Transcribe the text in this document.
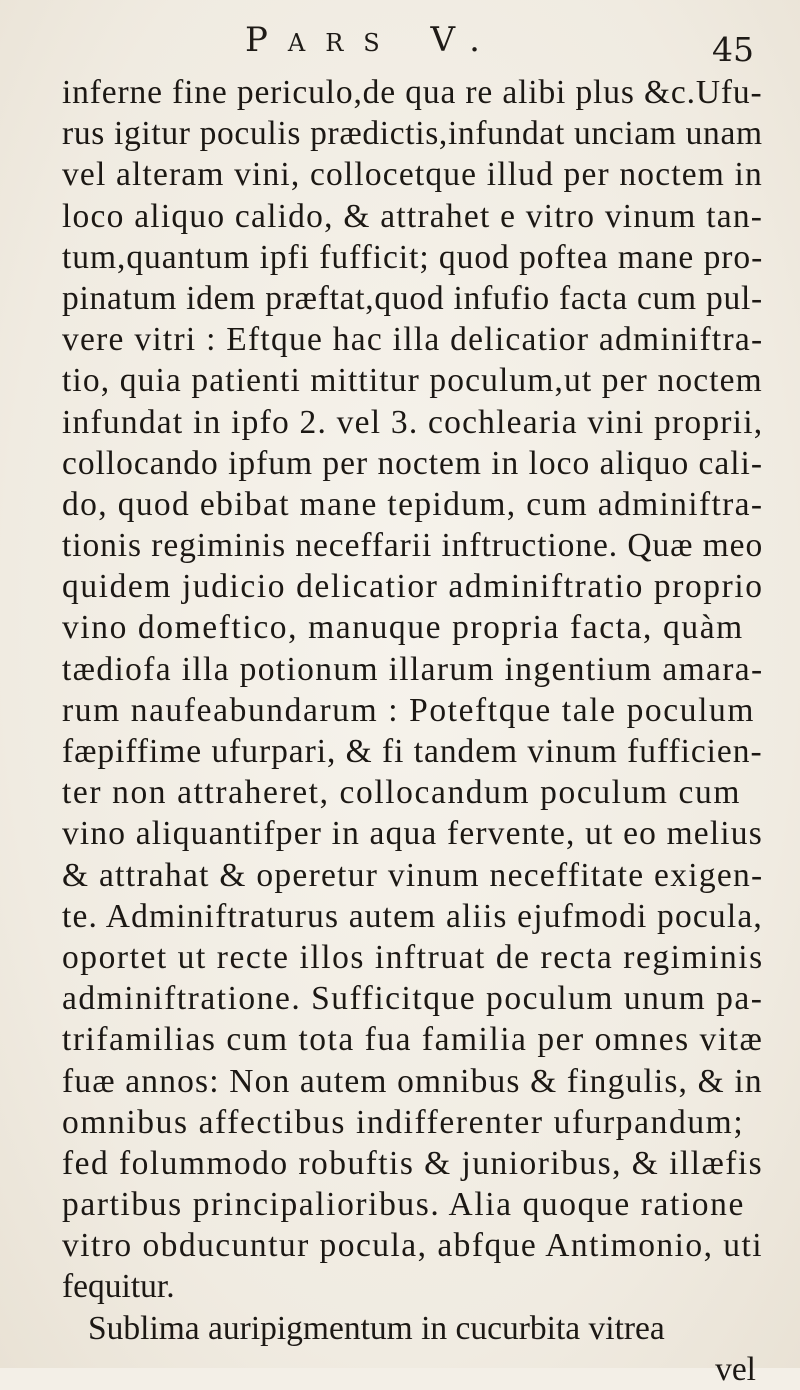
Pars V.	45
inferne fine periculo,de qua re alibi plus &c.Ufu-
rus igitur poculis prædictis,infundat unciam unam
vel alteram vini, collocetque illud per noctem in
loco aliquo calido, & attrahet e vitro vinum tan-
tum,quantum ipfi fufficit; quod poftea mane pro-
pinatum idem præftat,quod infufio facta cum pul-
vere vitri : Eftque hac illa delicatior adminiftra-
tio, quia patienti mittitur poculum,ut per noctem
infundat in ipfo 2. vel 3. cochlearia vini proprii,
collocando ipfum per noctem in loco aliquo cali-
do, quod ebibat mane tepidum, cum adminiftra-
tionis regiminis neceffarii inftructione. Quæ meo
quidem judicio delicatior adminiftratio proprio
vino domeftico, manuque propria facta, quàm
tædiofa illa potionum illarum ingentium amara-
rum naufeabundarum : Poteftque tale poculum
fæpiffime ufurpari, & fi tandem vinum fufficien-
ter non attraheret, collocandum poculum cum
vino aliquantifper in aqua fervente, ut eo melius
& attrahat & operetur vinum neceffitate exigen-
te. Adminiftraturus autem aliis ejufmodi pocula,
oportet ut recte illos inftruat de recta regiminis
adminiftratione. Sufficitque poculum unum pa-
trifamilias cum tota fua familia per omnes vitæ
fuæ annos: Non autem omnibus & fingulis, & in
omnibus affectibus indifferenter ufurpandum;
fed folummodo robuftis & junioribus, & illæfis
partibus principalioribus. Alia quoque ratione
vitro obducuntur pocula, abfque Antimonio, uti
fequitur.
Sublima auripigmentum in cucurbita vitrea
vel
